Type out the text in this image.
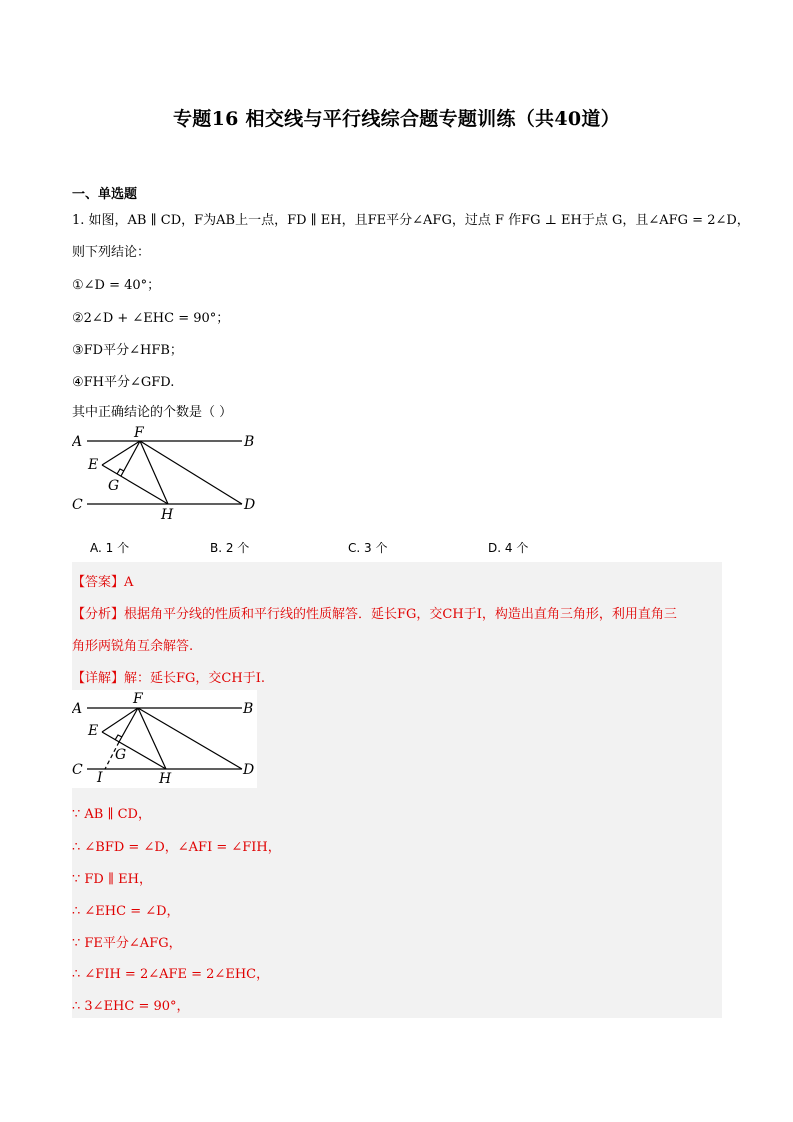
专题16 相交线与平行线综合题专题训练（共40道）
一、单选题
1. 如图，AB ∥ CD，F为AB上一点，FD ∥ EH，且FE平分∠AFG，过点 F 作FG ⊥ EH于点 G，且∠AFG = 2∠D，
则下列结论：
①∠D = 40°；
②2∠D + ∠EHC = 90°；
③FD平分∠HFB；
④FH平分∠GFD.
其中正确结论的个数是（ ）
A	B
C	D
E
F
G
H
A. 1 个	B. 2 个	C. 3 个	D. 4 个
【答案】A
【分析】根据角平分线的性质和平行线的性质解答．延长FG，交CH于I，构造出直角三角形，利用直角三
角形两锐角互余解答.
【详解】解：延长FG，交CH于I.
A	B
C	D
E
F
G
H
I
∵ AB ∥ CD，
∴ ∠BFD = ∠D，∠AFI = ∠FIH，
∵ FD ∥ EH，
∴ ∠EHC = ∠D，
∵ FE平分∠AFG，
∴ ∠FIH = 2∠AFE = 2∠EHC，
∴ 3∠EHC = 90°，
